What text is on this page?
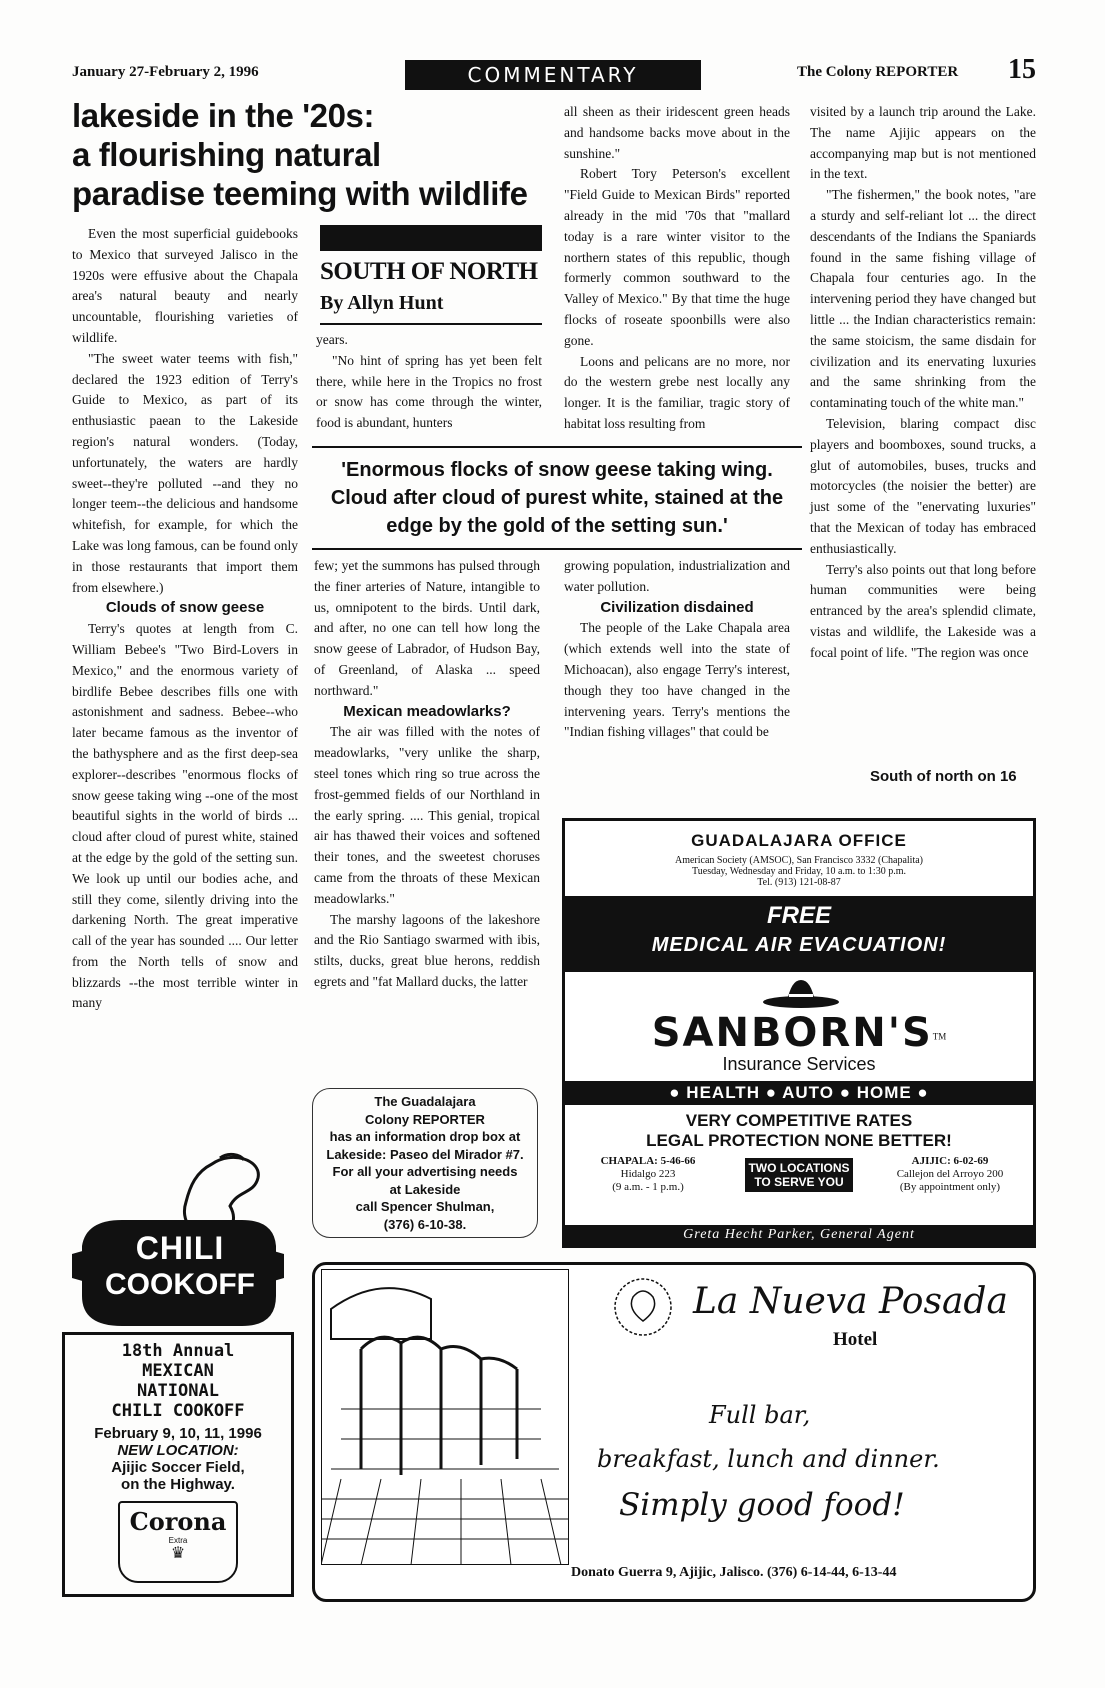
January 27-February 2, 1996	COMMENTARY	The Colony REPORTER 15
lakeside in the '20s:
a flourishing natural
paradise teeming with wildlife

Even the most superficial guidebooks to Mexico that surveyed Jalisco in the 1920s were effusive about the Chapala area's natural beauty and nearly uncountable, flourishing varieties of wildlife.

"The sweet water teems with fish," declared the 1923 edition of Terry's Guide to Mexico, as part of its enthusiastic paean to the Lakeside region's natural wonders. (Today, unfortunately, the waters are hardly sweet--they're polluted --and they no longer teem--the delicious and handsome whitefish, for example, for which the Lake was long famous, can be found only in those restaurants that import them from elsewhere.)

Clouds of snow geese

Terry's quotes at length from C. William Bebee's "Two Bird-Lovers in Mexico," and the enormous variety of birdlife Bebee describes fills one with astonishment and sadness. Bebee--who later became famous as the inventor of the bathysphere and as the first deep-sea explorer--describes "enormous flocks of snow geese taking wing --one of the most beautiful sights in the world of birds ... cloud after cloud of purest white, stained at the edge by the gold of the setting sun. We look up until our bodies ache, and still they come, silently driving into the darkening North. The great imperative call of the year has sounded .... Our letter from the North tells of snow and blizzards --the most terrible winter in many

SOUTH OF NORTH
By Allyn Hunt

years.

"No hint of spring has yet been felt there, while here in the Tropics no frost or snow has come through the winter, food is abundant, hunters

all sheen as their iridescent green heads and handsome backs move about in the sunshine."

Robert Tory Peterson's excellent "Field Guide to Mexican Birds" reported already in the mid '70s that "mallard today is a rare winter visitor to the northern states of this republic, though formerly common southward to the Valley of Mexico." By that time the huge flocks of roseate spoonbills were also gone.

Loons and pelicans are no more, nor do the western grebe nest locally any longer. It is the familiar, tragic story of habitat loss resulting from

'Enormous flocks of snow geese taking wing. Cloud after cloud of purest white, stained at the edge by the gold of the setting sun.'

few; yet the summons has pulsed through the finer arteries of Nature, intangible to us, omnipotent to the birds. Until dark, and after, no one can tell how long the snow geese of Labrador, of Hudson Bay, of Greenland, of Alaska ... speed northward."

Mexican meadowlarks?

The air was filled with the notes of meadowlarks, "very unlike the sharp, steel tones which ring so true across the frost-gemmed fields of our Northland in the early spring. .... This genial, tropical air has thawed their voices and softened their tones, and the sweetest choruses came from the throats of these Mexican meadowlarks."

The marshy lagoons of the lakeshore and the Rio Santiago swarmed with ibis, stilts, ducks, great blue herons, reddish egrets and "fat Mallard ducks, the latter

growing population, industrialization and water pollution.

Civilization disdained

The people of the Lake Chapala area (which extends well into the state of Michoacan), also engage Terry's interest, though they too have changed in the intervening years. Terry's mentions the "Indian fishing villages" that could be

visited by a launch trip around the Lake. The name Ajijic appears on the accompanying map but is not mentioned in the text.

"The fishermen," the book notes, "are a sturdy and self-reliant lot ... the direct descendants of the Indians the Spaniards found in the same fishing village of Chapala four centuries ago. In the intervening period they have changed but little ... the Indian characteristics remain: the same stoicism, the same disdain for civilization and its enervating luxuries and the same shrinking from the contaminating touch of the white man."

Television, blaring compact disc players and boomboxes, sound trucks, a glut of automobiles, buses, trucks and motorcycles (the noisier the better) are just some of the "enervating luxuries" that the Mexican of today has embraced enthusiastically.

Terry's also points out that long before human communities were being entranced by the area's splendid climate, vistas and wildlife, the Lakeside was a focal point of life. "The region was once

South of north on 16
The Guadalajara
Colony REPORTER
has an information drop box at
Lakeside: Paseo del Mirador #7.
For all your advertising needs
at Lakeside
call Spencer Shulman,
(376) 6-10-38.
GUADALAJARA OFFICE
American Society (AMSOC), San Francisco 3332 (Chapalita)
Tuesday, Wednesday and Friday, 10 a.m. to 1:30 p.m.
Tel. (913) 121-08-87
FREE
MEDICAL AIR EVACUATION!
SANBORN'S™
Insurance Services
● HEALTH ● AUTO ● HOME ●
VERY COMPETITIVE RATES
LEGAL PROTECTION NONE BETTER!
CHAPALA: 5-46-66
Hidalgo 223
(9 a.m. - 1 p.m.)
TWO LOCATIONS TO SERVE YOU
AJIJIC: 6-02-69
Callejon del Arroyo 200
(By appointment only)
Greta Hecht Parker, General Agent
CHILI
COOKOFF
18th Annual
MEXICAN
NATIONAL
CHILI COOKOFF
February 9, 10, 11, 1996
NEW LOCATION:
Ajijic Soccer Field,
on the Highway.
Corona
Extra
♛
La Nueva Posada
Hotel
Full bar,
breakfast, lunch and dinner.
Simply good food!
Donato Guerra 9, Ajijic, Jalisco. (376) 6-14-44, 6-13-44
